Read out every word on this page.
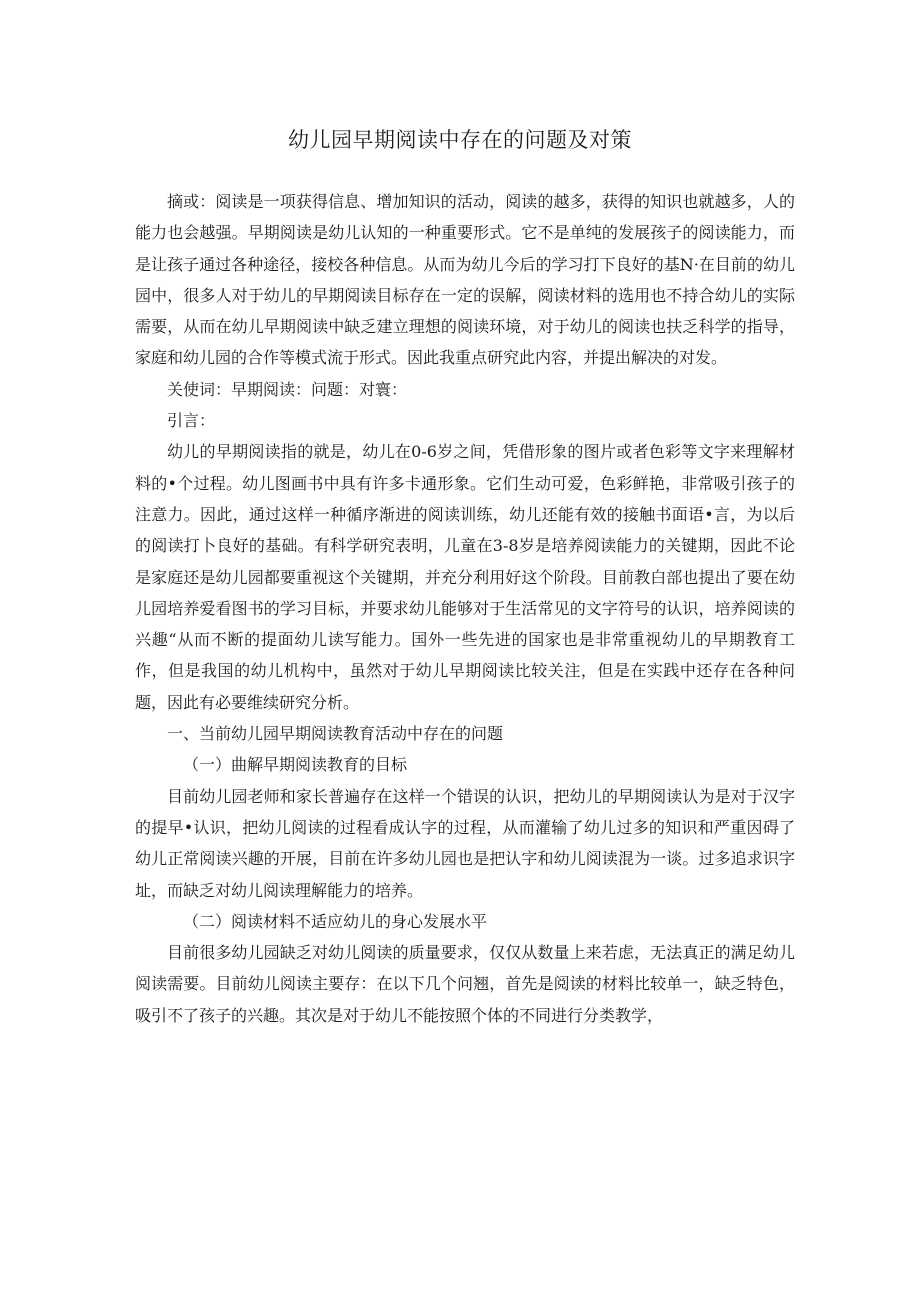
幼儿园早期阅读中存在的问题及对策

摘或：阅读是一项获得信息、增加知识的活动，阅读的越多，获得的知识也就越多，人的能力也会越强。早期阅读是幼儿认知的一种重要形式。它不是单纯的发展孩子的阅读能力，而是让孩子通过各种途径，接校各种信息。从而为幼儿今后的学习打下良好的基N·在目前的幼儿园中，很多人对于幼儿的早期阅读目标存在一定的误解，阅读材料的选用也不持合幼儿的实际需要，从而在幼儿早期阅读中缺乏建立理想的阅读环境，对于幼儿的阅读也扶乏科学的指导，家庭和幼儿园的合作等模式流于形式。因此我重点研究此内容，并提出解决的对发。

关使词：早期阅读：问题：对寰：

引言：

幼儿的早期阅读指的就是，幼儿在0-6岁之间，凭借形象的图片或者色彩等文字来理解材料的•个过程。幼儿图画书中具有许多卡通形象。它们生动可爱，色彩鲜艳，非常吸引孩子的注意力。因此，通过这样一种循序渐进的阅读训练，幼儿还能有效的接触书面语•言，为以后的阅读打卜良好的基础。有科学研究表明，儿童在3-8岁是培养阅读能力的关键期，因此不论是家庭还是幼儿园都要重视这个关键期，并充分利用好这个阶段。目前教白部也提出了要在幼儿园培养爱看图书的学习目标，并要求幼儿能够对于生活常见的文字符号的认识，培养阅读的兴趣“从而不断的提面幼儿读写能力。国外一些先进的国家也是非常重视幼儿的早期教育工作，但是我国的幼儿机构中，虽然对于幼儿早期阅读比较关注，但是在实践中还存在各种问题，因此有必要维续研究分析。

一、当前幼儿园早期阅读教育活动中存在的问题

（一）曲解早期阅读教育的目标

目前幼儿园老师和家长普遍存在这样一个错误的认识，把幼儿的早期阅读认为是对于汉字的提早•认识，把幼儿阅读的过程看成认字的过程，从而灌输了幼儿过多的知识和严重因碍了幼儿正常阅读兴趣的开展，目前在许多幼儿园也是把认字和幼儿阅读混为一谈。过多追求识字址，而缺乏对幼儿阅读理解能力的培养。

（二）阅读材料不适应幼儿的身心发展水平

目前很多幼儿园缺乏对幼儿阅读的质量要求，仅仅从数量上来若虑，无法真正的满足幼儿阅读需要。目前幼儿阅读主要存：在以下几个问翘，首先是阅读的材料比较单一，缺乏特色，吸引不了孩子的兴趣。其次是对于幼儿不能按照个体的不同进行分类教学，
